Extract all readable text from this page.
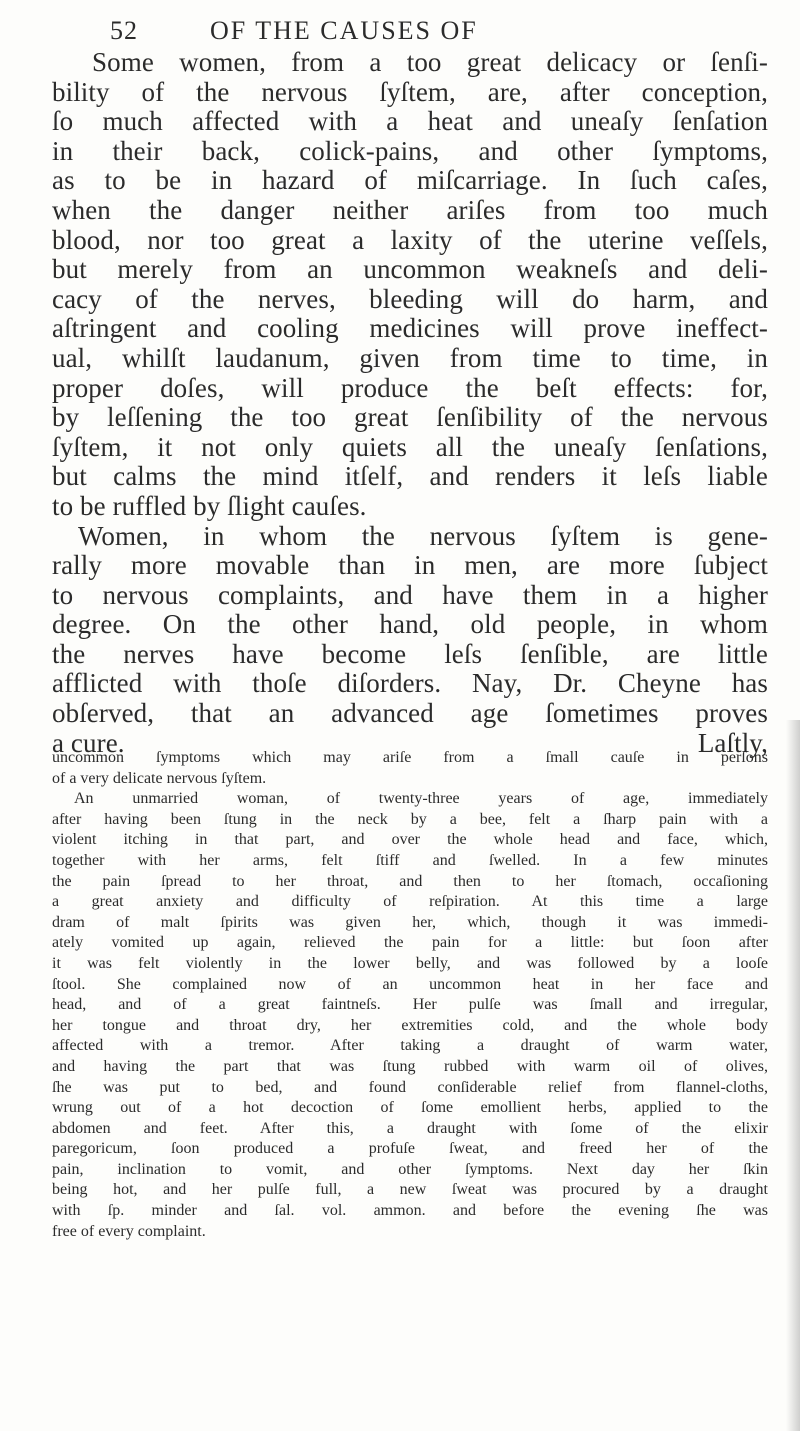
52	OF THE CAUSES OF
Some women, from a too great delicacy or ſenſi-
bility of the nervous ſyſtem, are, after conception,
ſo much affected with a heat and uneaſy ſenſation
in their back, colick-pains, and other ſymptoms,
as to be in hazard of miſcarriage. In ſuch caſes,
when the danger neither ariſes from too much
blood, nor too great a laxity of the uterine veſſels,
but merely from an uncommon weakneſs and deli-
cacy of the nerves, bleeding will do harm, and
aſtringent and cooling medicines will prove ineffect-
ual, whilſt laudanum, given from time to time, in
proper doſes, will produce the beſt effects: for,
by leſſening the too great ſenſibility of the nervous
ſyſtem, it not only quiets all the uneaſy ſenſations,
but calms the mind itſelf, and renders it leſs liable
to be ruffled by ſlight cauſes.
Women, in whom the nervous ſyſtem is gene-
rally more movable than in men, are more ſubject
to nervous complaints, and have them in a higher
degree. On the other hand, old people, in whom
the nerves have become leſs ſenſible, are little
afflicted with thoſe diſorders. Nay, Dr. Cheyne has
obſerved, that an advanced age ſometimes proves
a cure.	Laſtly,
uncommon ſymptoms which may ariſe from a ſmall cauſe in perſons
of a very delicate nervous ſyſtem.
An unmarried woman, of twenty-three years of age, immediately
after having been ſtung in the neck by a bee, felt a ſharp pain with a
violent itching in that part, and over the whole head and face, which,
together with her arms, felt ſtiff and ſwelled. In a few minutes
the pain ſpread to her throat, and then to her ſtomach, occaſioning
a great anxiety and difficulty of reſpiration. At this time a large
dram of malt ſpirits was given her, which, though it was immedi-
ately vomited up again, relieved the pain for a little: but ſoon after
it was felt violently in the lower belly, and was followed by a looſe
ſtool. She complained now of an uncommon heat in her face and
head, and of a great faintneſs. Her pulſe was ſmall and irregular,
her tongue and throat dry, her extremities cold, and the whole body
affected with a tremor. After taking a draught of warm water,
and having the part that was ſtung rubbed with warm oil of olives,
ſhe was put to bed, and found conſiderable relief from flannel-cloths,
wrung out of a hot decoction of ſome emollient herbs, applied to the
abdomen and feet. After this, a draught with ſome of the elixir
paregoricum, ſoon produced a profuſe ſweat, and freed her of the
pain, inclination to vomit, and other ſymptoms. Next day her ſkin
being hot, and her pulſe full, a new ſweat was procured by a draught
with ſp. minder and ſal. vol. ammon. and before the evening ſhe was
free of every complaint.
